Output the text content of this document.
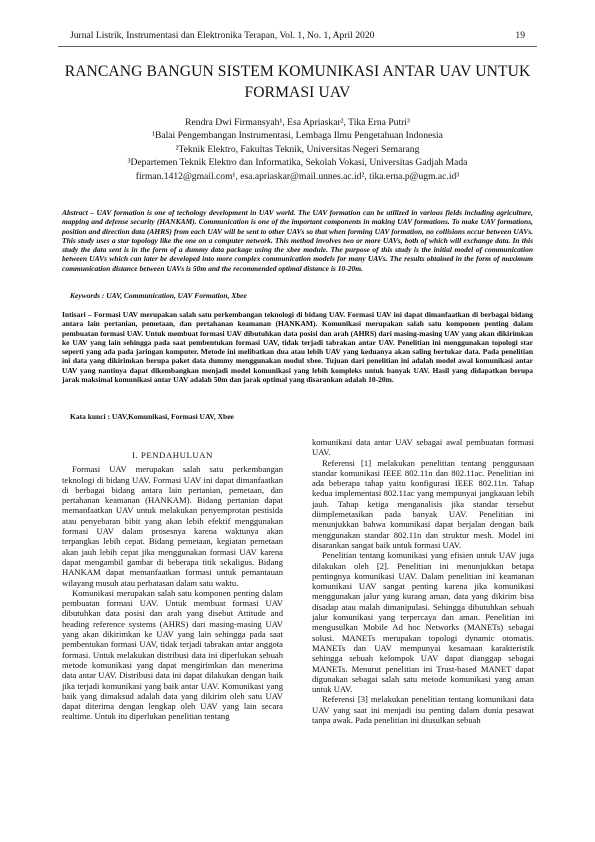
Jurnal Listrik, Instrumentasi dan Elektronika Terapan, Vol. 1, No. 1, April 2020	19
RANCANG BANGUN SISTEM KOMUNIKASI ANTAR UAV UNTUK
FORMASI UAV
Rendra Dwi Firmansyah¹, Esa Apriaskar², Tika Erna Putri³
¹Balai Pengembangan Instrumentasi, Lembaga Ilmu Pengetahuan Indonesia
²Teknik Elektro, Fakultas Teknik, Universitas Negeri Semarang
³Departemen Teknik Elektro dan Informatika, Sekolah Vokasi, Universitas Gadjah Mada
firman.1412@gmail.com¹, esa.apriaskar@mail.unnes.ac.id², tika.erna.p@ugm.ac.id³
Abstract – UAV formation is one of techology development in UAV world. The UAV formation can be utilized in various fields including agriculture, mapping and defense security (HANKAM). Communication is one of the important components in making UAV formations. To make UAV formations, position and direction data (AHRS) from each UAV will be sent to other UAVs so that when forming UAV formation, no collisions occur between UAVs. This study uses a star topology like the one on a computer network. This method involves two or more UAVs, both of which will exchange data. In this study the data sent is in the form of a dummy data package using the xbee module. The purpose of this study is the initial model of communication between UAVs which can later be developed into more complex communication models for many UAVs. The results obtained in the form of maximum communication distance between UAVs is 50m and the recommended optimal distance is 10-20m.
Keywords : UAV, Communication, UAV Formation, Xbee
Intisari – Formasi UAV merupakan salah satu perkembangan teknologi di bidang UAV. Formasi UAV ini dapat dimanfaatkan di berbagai bidang antara lain pertanian, pemetaan, dan pertahanan keamanan (HANKAM). Komunikasi merupakan salah satu komponen penting dalam pembuatan formasi UAV. Untuk membuat formasi UAV dibutuhkan data posisi dan arah (AHRS) dari masing-masing UAV yang akan dikirimkan ke UAV yang lain sehingga pada saat pembentukan formasi UAV, tidak terjadi tabrakan antar UAV. Penelitian ini menggunakan topologi star seperti yang ada pada jaringan komputer. Metode ini melibatkan dua atau lebih UAV yang keduanya akan saling bertukar data. Pada penelitian ini data yang dikirimkan berupa paket data dummy menggunakan modul xbee. Tujuan dari penelitian ini adalah model awal komunikasi antar UAV yang nantinya dapat dikembangkan menjadi model komunikasi yang lebih kompleks untuk banyak UAV. Hasil yang didapatkan berupa jarak maksimal komunikasi antar UAV adalah 50m dan jarak optimal yang disarankan adalah 10-20m.
Kata kunci : UAV,Komunikasi, Formasi UAV, Xbee
I. PENDAHULUAN

Formasi UAV merupakan salah satu perkembangan teknologi di bidang UAV. Formasi UAV ini dapat dimanfaatkan di berbagai bidang antara lain pertanian, pemetaan, dan pertahanan keamanan (HANKAM). Bidang pertanian dapat memanfaatkan UAV untuk melakukan penyemprotan pestisida atau penyebaran bibit yang akan lebih efektif menggunakan formasi UAV dalam prosesnya karena waktunya akan terpangkas lebih cepat. Bidang pemetaan, kegiatan pemetaan akan jauh lebih cepat jika menggunakan formasi UAV karena dapat mengambil gambar di beberapa titik sekaligus. Bidang HANKAM dapat memanfaatkan formasi untuk pemantauan wilayang musuh atau perbatasan dalam satu waktu.

Komunikasi merupakan salah satu komponen penting dalam pembuatan formasi UAV. Untuk membuat formasi UAV dibutuhkan data posisi dan arah yang disebut Attitude and heading reference systems (AHRS) dari masing-masing UAV yang akan dikirimkan ke UAV yang lain sehingga pada saat pembentukan formasi UAV, tidak terjadi tabrakan antar anggota formasi. Untuk melakukan distribusi data ini diperlukan sebuah metode komunikasi yang dapat mengirimkan dan menerima data antar UAV. Distribusi data ini dapat dilakukan dengan baik jika terjadi komunikasi yang baik antar UAV. Komunikasi yang baik yang dimaksud adalah data yang dikirim oleh satu UAV dapat diterima dengan lengkap oleh UAV yang lain secara realtime. Untuk itu diperlukan penelitian tentang

komunikasi data antar UAV sebagai awal pembuatan formasi UAV.

Referensi [1] melakukan penelitian tentang penggunaan standar komunikasi IEEE 802.11n dan 802.11ac. Penelitian ini ada beberapa tahap yaitu konfigurasi IEEE 802.11n. Tahap kedua implementasi 802.11ac yang mempunyai jangkauan lebih jauh. Tahap ketiga menganalisis jika standar tersebut diimplemetasikan pada banyak UAV. Penelitian ini menunjukkan bahwa komunikasi dapat berjalan dengan baik menggunakan standar 802.11n dan struktur mesh. Model ini disarankan sangat baik untuk formasi UAV.

Penelitian tentang komunikasi yang efisien untuk UAV juga dilakukan oleh [2]. Penelitian ini menunjukkan betapa pentingnya komunikasi UAV. Dalam penelitian ini keamanan komunikasi UAV sangat penting karena jika komunikasi menggunakan jalur yang kurang aman, data yang dikirim bisa disadap atau malah dimanipulasi. Sehingga dibutuhkan sebuah jalur komunikasi yang terpercaya dan aman. Penelitian ini mengusulkan Mobile Ad hoc Networks (MANETs) sebagai solusi. MANETs merupakan topologi dynamic otomatis. MANETs dan UAV mempunyai kesamaan karakteristik sehingga sebuah kelompok UAV dapat dianggap sebagai MANETs. Menurut penelitian ini Trust-based MANET dapat digunakan sebagai salah satu metode komunikasi yang aman untuk UAV.

Referensi [3] melakukan penelitian tentang komunikasi data UAV yang saat ini menjadi isu penting dalam dunia pesawat tanpa awak. Pada penelitian ini diusulkan sebuah
